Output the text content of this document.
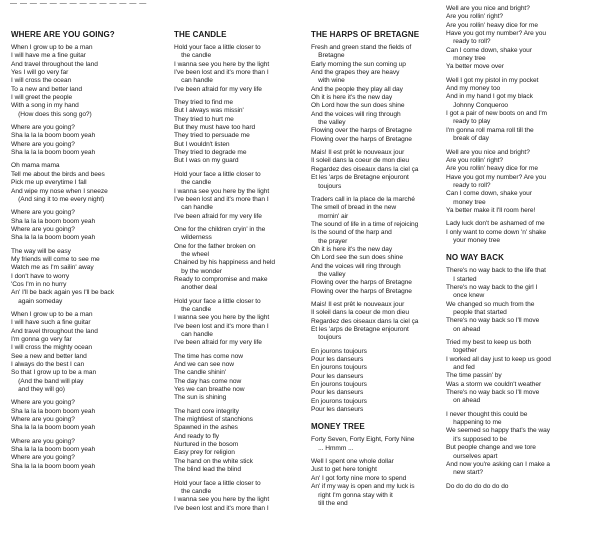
— — — — — — — — — — — — — —
WHERE ARE YOU GOING?
When I grow up to be a man
I will have me a fine guitar
And travel throughout the land
Yes I will go very far
I will cross the ocean
To a new and better land
I will greet the people
With a song in my hand
(How does this song go?)
Where are you going?
Sha la la la boom boom yeah
Where are you going?
Sha la la la boom boom yeah
Oh mama mama
Tell me about the birds and bees
Pick me up everytime I fall
And wipe my nose when I sneeze
(And sing it to me every night)
Where are you going?
Sha la la la boom boom yeah
Where are you going?
Sha la la la boom boom yeah
The way will be easy
My friends will come to see me
Watch me as I'm sailin' away
I don't have to worry
'Cos I'm in no hurry
An' I'll be back again yes I'll be back
again someday
When I grow up to be a man
I will have such a fine guitar
And travel throughout the land
I'm gonna go very far
I will cross the mighty ocean
See a new and better land
I always do the best I can
So that I grow up to be a man
(And the band will play
and they will go)
Where are you going?
Sha la la la boom boom yeah
Where are you going?
Sha la la la boom boom yeah
Where are you going?
Sha la la la boom boom yeah
Where are you going?
Sha la la la boom boom yeah
THE CANDLE
Hold your face a little closer to
the candle
I wanna see you here by the light
I've been lost and it's more than I
can handle
I've been afraid for my very life
They tried to find me
But I always was missin'
They tried to hurt me
But they must have too hard
They tried to persuade me
But I wouldn't listen
They tried to degrade me
But I was on my guard
Hold your face a little closer to
the candle
I wanna see you here by the light
I've been lost and it's more than I
can handle
I've been afraid for my very life
One for the children cryin' in the
wilderness
One for the father broken on
the wheel
Chained by his happiness and held
by the wonder
Ready to compromise and make
another deal
Hold your face a little closer to
the candle
I wanna see you here by the light
I've been lost and it's more than I
can handle
I've been afraid for my very life
The time has come now
And we can see now
The candle shinin'
The day has come now
Yes we can breathe now
The sun is shining
The hard core integrity
The mightiest of stanchions
Spawned in the ashes
And ready to fly
Nurtured in the bosom
Easy prey for religion
The hand on the white stick
The blind lead the blind
Hold your face a little closer to
the candle
I wanna see you here by the light
I've been lost and it's more than I
THE HARPS OF BRETAGNE
Fresh and green stand the fields of
Bretagne
Early morning the sun coming up
And the grapes they are heavy
with wine
And the people they play all day
Oh it is here it's the new day
Oh Lord how the sun does shine
And the voices will ring through
the valley
Flowing over the harps of Bretagne
Flowing over the harps of Bretagne
Mais! Il est prêt le nouveaux jour
Il soleil dans la coeur de mon dieu
Regardez des oiseaux dans la ciel ça
Et les 'arps de Bretagne enjouront
toujours
Traders call in la place de la marché
The smell of bread in the new
mornin' air
The sound of life in a time of rejoicing
Is the sound of the harp and
the prayer
Oh it is here it's the new day
Oh Lord see the sun does shine
And the voices will ring through
the valley
Flowing over the harps of Bretagne
Flowing over the harps of Bretagne
Mais! Il est prêt le nouveaux jour
Il soleil dans la coeur de mon dieu
Regardez des oiseaux dans la ciel ça
Et les 'arps de Bretagne enjouront
toujours
En jourons toujours
Pour les danseurs
En jourons toujours
Pour les danseurs
En jourons toujours
Pour les danseurs
En jourons toujours
Pour les danseurs
MONEY TREE
Forty Seven, Forty Eight, Forty Nine
... Hmmm ...
Well I spent one whole dollar
Just to get here tonight
An' I got forty nine more to spend
An' if my way is open and my luck is
right I'm gonna stay with it
till the end
Well are you nice and bright?
Are you rollin' right?
Are you rollin' heavy dice for me
Have you got my number? Are you
ready to roll?
Can I come down, shake your
money tree
Ya better move over
Well I got my pistol in my pocket
And my money too
And in my hand I got my black
Johnny Conqueroo
I got a pair of new boots on and I'm
ready to play
I'm gonna roll mama roll till the
break of day
Well are you nice and bright?
Are you rollin' right?
Are you rollin' heavy dice for me
Have you got my number? Are you
ready to roll?
Can I come down, shake your
money tree
Ya better make it I'll room here!
Lady luck don't be ashamed of me
I only want to come down 'n' shake
your money tree
NO WAY BACK
There's no way back to the life that
I started
There's no way back to the girl I
once knew
We changed so much from the
people that started
There's no way back so I'll move
on ahead
Tried my best to keep us both
together
I worked all day just to keep us good
and fed
The time passin' by
Was a storm we couldn't weather
There's no way back so I'll move
on ahead
I never thought this could be
happening to me
We seemed so happy that's the way
it's supposed to be
But people change and we tore
ourselves apart
And now you're asking can I make a
new start?
Do do do do do do do
